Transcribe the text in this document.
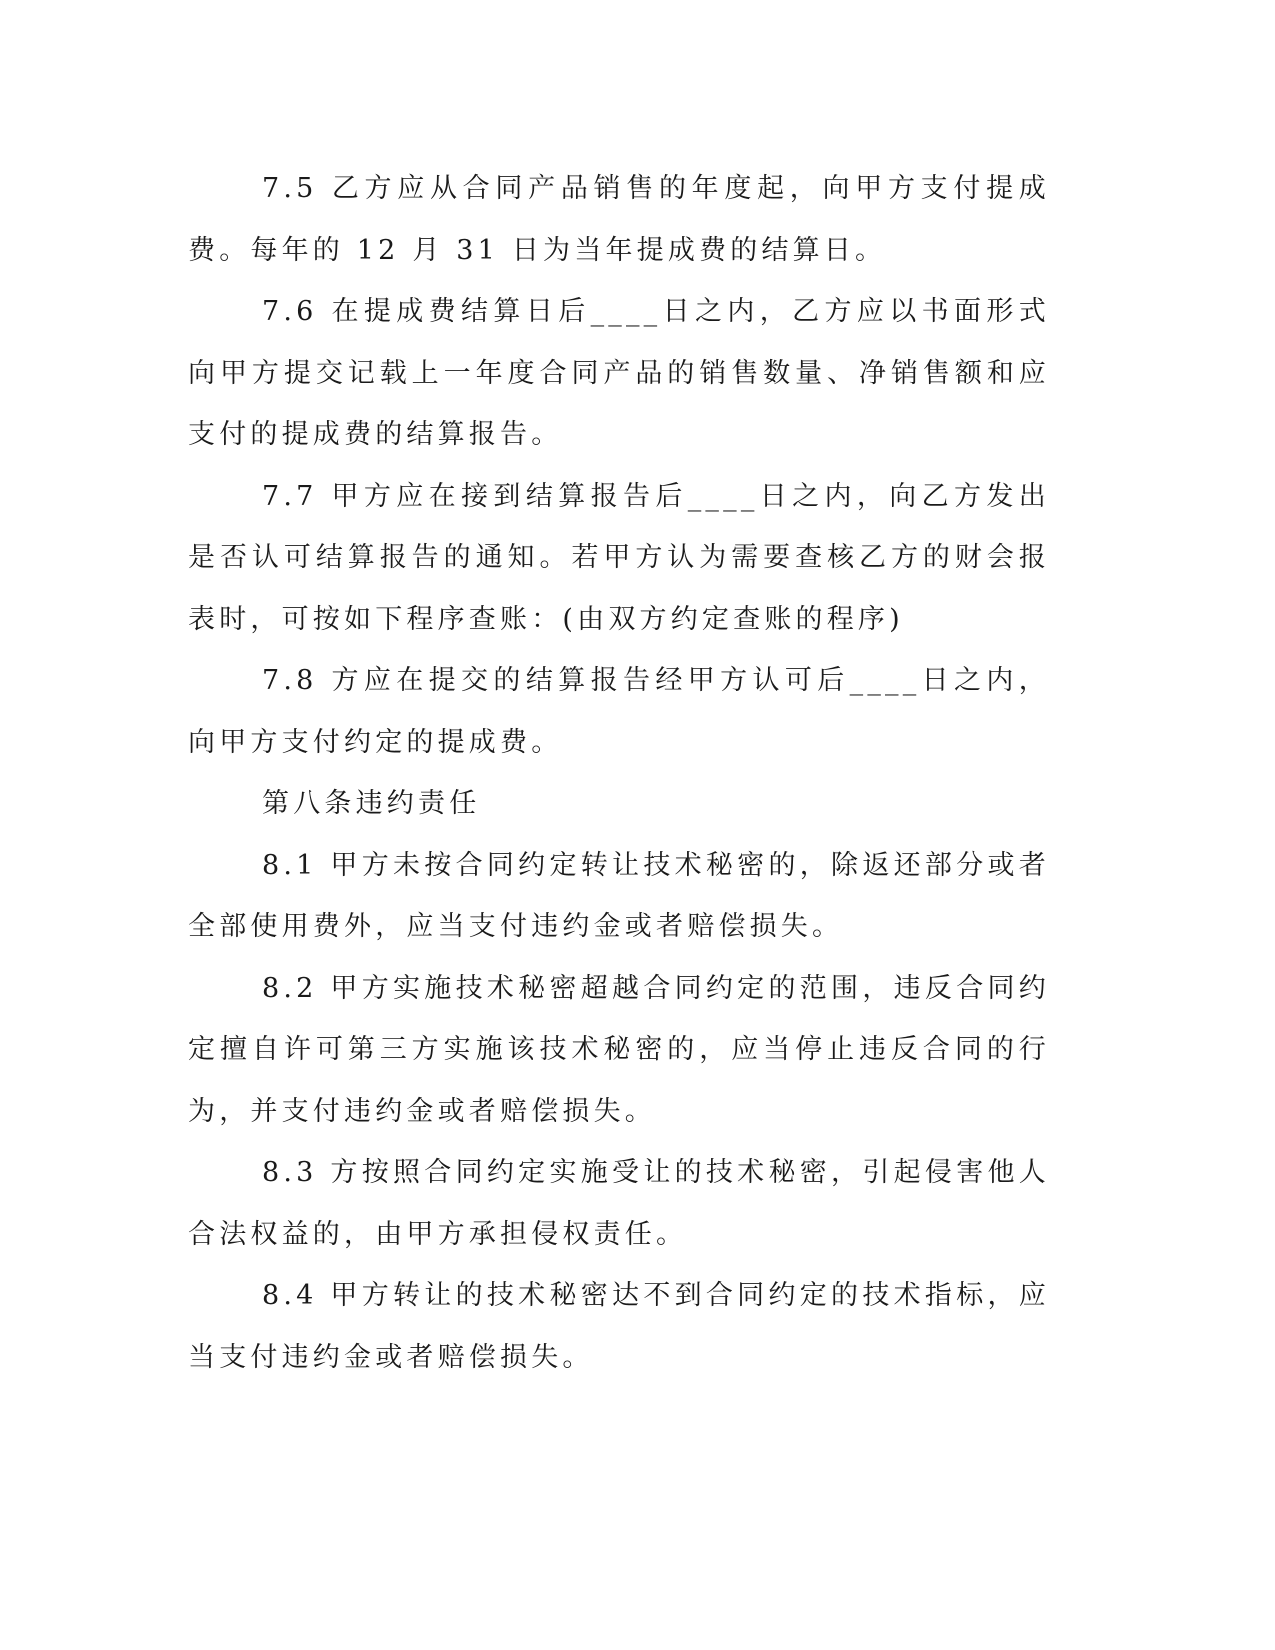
7.5 乙方应从合同产品销售的年度起，向甲方支付提成费。每年的 12 月 31 日为当年提成费的结算日。

7.6 在提成费结算日后____日之内，乙方应以书面形式向甲方提交记载上一年度合同产品的销售数量、净销售额和应支付的提成费的结算报告。

7.7 甲方应在接到结算报告后____日之内，向乙方发出是否认可结算报告的通知。若甲方认为需要查核乙方的财会报表时，可按如下程序查账：(由双方约定查账的程序)

7.8 方应在提交的结算报告经甲方认可后____日之内，向甲方支付约定的提成费。

第八条违约责任

8.1 甲方未按合同约定转让技术秘密的，除返还部分或者全部使用费外，应当支付违约金或者赔偿损失。

8.2 甲方实施技术秘密超越合同约定的范围，违反合同约定擅自许可第三方实施该技术秘密的，应当停止违反合同的行为，并支付违约金或者赔偿损失。

8.3 方按照合同约定实施受让的技术秘密，引起侵害他人合法权益的，由甲方承担侵权责任。

8.4 甲方转让的技术秘密达不到合同约定的技术指标，应当支付违约金或者赔偿损失。
